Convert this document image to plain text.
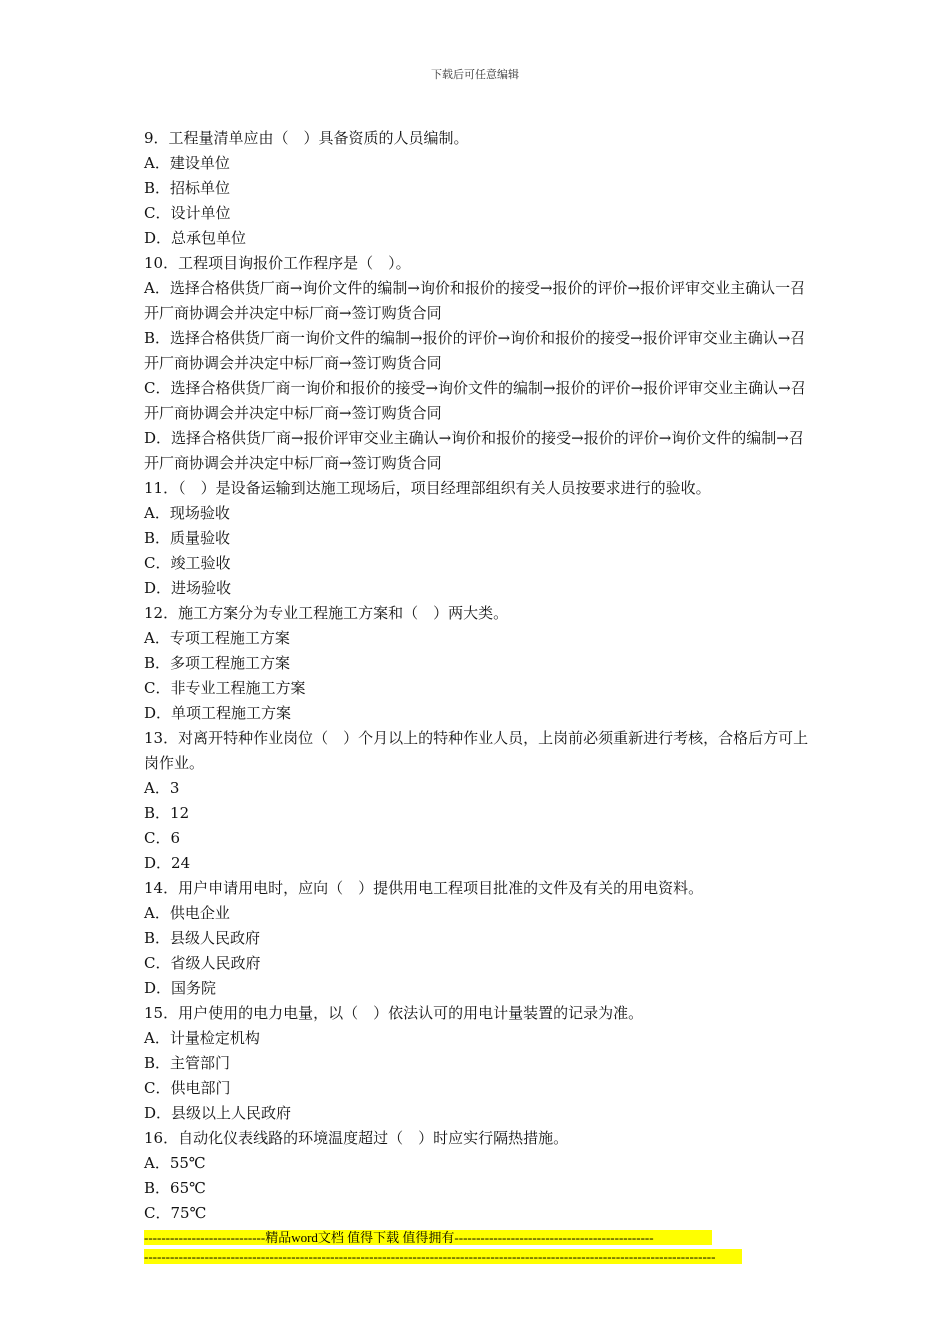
下载后可任意编辑
9．工程量清单应由（　）具备资质的人员编制。
A．建设单位
B．招标单位
C．设计单位
D．总承包单位
10．工程项目询报价工作程序是（　）。
A．选择合格供货厂商→询价文件的编制→询价和报价的接受→报价的评价→报价评审交业主确认一召开厂商协调会并决定中标厂商→签订购货合同
B．选择合格供货厂商一询价文件的编制→报价的评价→询价和报价的接受→报价评审交业主确认→召开厂商协调会并决定中标厂商→签订购货合同
C．选择合格供货厂商一询价和报价的接受→询价文件的编制→报价的评价→报价评审交业主确认→召开厂商协调会并决定中标厂商→签订购货合同
D．选择合格供货厂商→报价评审交业主确认→询价和报价的接受→报价的评价→询价文件的编制→召开厂商协调会并决定中标厂商→签订购货合同
11．（　）是设备运输到达施工现场后，项目经理部组织有关人员按要求进行的验收。
A．现场验收
B．质量验收
C．竣工验收
D．进场验收
12．施工方案分为专业工程施工方案和（　）两大类。
A．专项工程施工方案
B．多项工程施工方案
C．非专业工程施工方案
D．单项工程施工方案
13．对离开特种作业岗位（　）个月以上的特种作业人员，上岗前必须重新进行考核，合格后方可上岗作业。
A．3
B．12
C．6
D．24
14．用户申请用电时，应向（　）提供用电工程项目批准的文件及有关的用电资料。
A．供电企业
B．县级人民政府
C．省级人民政府
D．国务院
15．用户使用的电力电量，以（　）依法认可的用电计量装置的记录为准。
A．计量检定机构
B．主管部门
C．供电部门
D．县级以上人民政府
16．自动化仪表线路的环境温度超过（　）时应实行隔热措施。
A．55℃
B．65℃
C．75℃
----------------------------精品word文档 值得下载 值得拥有----------------------------------------------
------------------------------------------------------------------------------------------------------------------------------------
